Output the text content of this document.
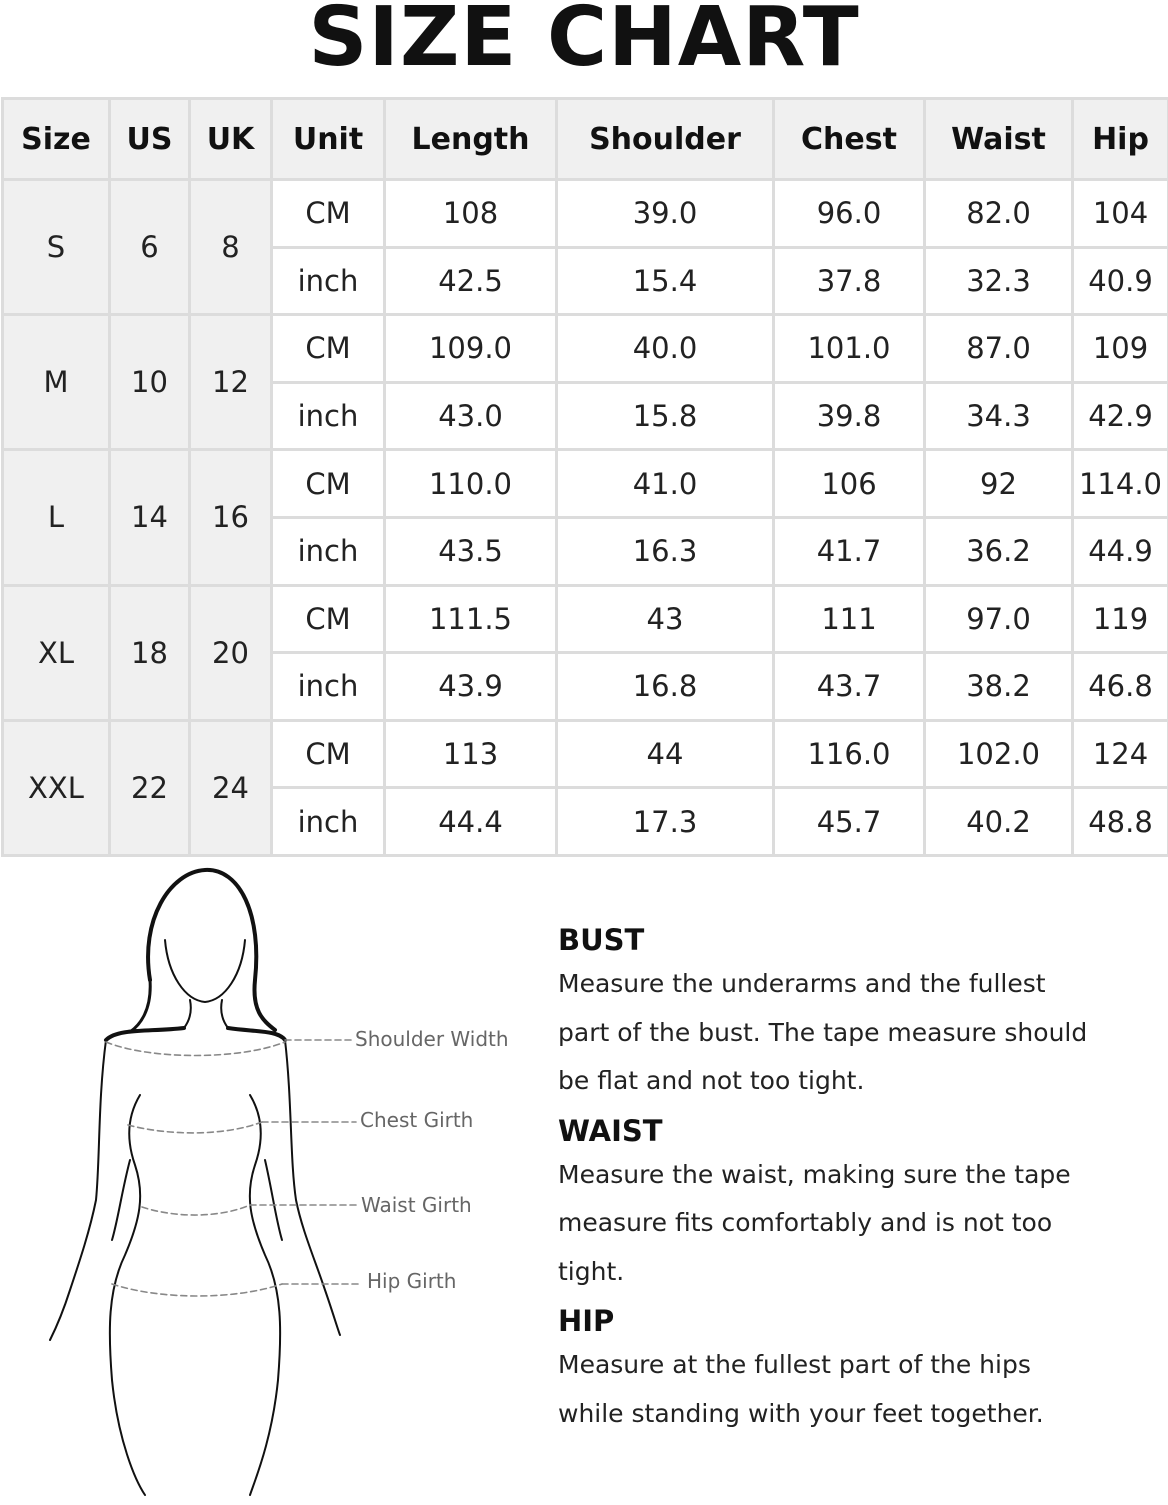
SIZE CHART
Size	US	UK	Unit	Length	Shoulder	Chest	Waist	Hip
S	6	8	CM	108	39.0	96.0	82.0	104
			inch	42.5	15.4	37.8	32.3	40.9
M	10	12	CM	109.0	40.0	101.0	87.0	109
			inch	43.0	15.8	39.8	34.3	42.9
L	14	16	CM	110.0	41.0	106	92	114.0
			inch	43.5	16.3	41.7	36.2	44.9
XL	18	20	CM	111.5	43	111	97.0	119
			inch	43.9	16.8	43.7	38.2	46.8
XXL	22	24	CM	113	44	116.0	102.0	124
			inch	44.4	17.3	45.7	40.2	48.8
Shoulder Width
Chest Girth
Waist Girth
Hip Girth
BUST

Measure the underarms and the fullest
part of the bust. The tape measure should
be flat and not too tight.

WAIST

Measure the waist, making sure the tape
measure fits comfortably and is not too
tight.

HIP

Measure at the fullest part of the hips
while standing with your feet together.
